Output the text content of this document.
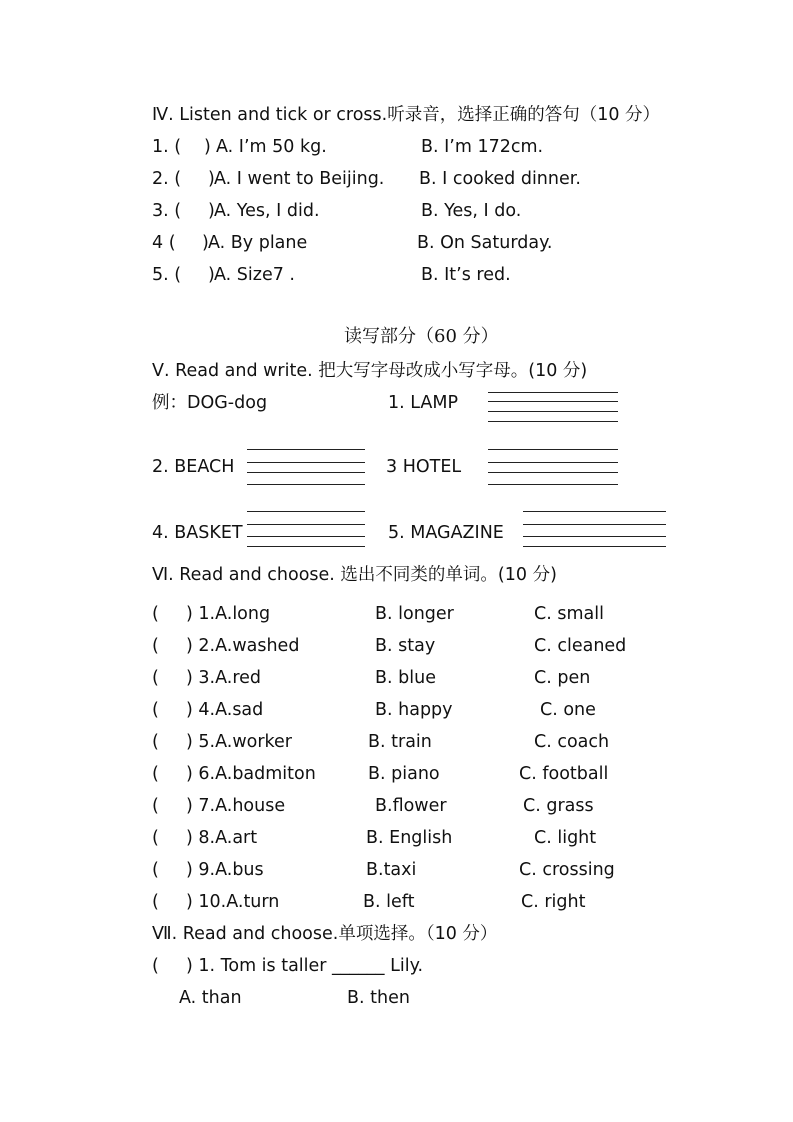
Ⅳ. Listen and tick or cross.听录音，选择正确的答句（10 分）
1. ( ) A. I’m 50 kg.	B. I’m 172cm.
2. ( ) A. I went to Beijing. B. I cooked dinner.
3. ( ) A. Yes, I did.	B. Yes, I do.
4 ( ) A. By plane	B. On Saturday.
5. ( ) A. Size7 .	B. It’s red.
读写部分（60 分）
Ⅴ. Read and write. 把大写字母改成小写字母。(10 分)
例：DOG-dog	1. LAMP
2. BEACH	3 HOTEL
4. BASKET	5. MAGAZINE
Ⅵ. Read and choose. 选出不同类的单词。(10 分)
( ) 1.A.long	B. longer	C. small
( ) 2.A.washed	B. stay	C. cleaned
( ) 3.A.red	B. blue	C. pen
( ) 4.A.sad	B. happy	C. one
( ) 5.A.worker	B. train	C. coach
( ) 6.A.badmiton	B. piano	C. football
( ) 7.A.house	B.flower	C. grass
( ) 8.A.art	B. English	C. light
( ) 9.A.bus	B.taxi	C. crossing
( ) 10.A.turn	B. left	C. right
Ⅶ. Read and choose.单项选择。（10 分）
( ) 1. Tom is taller ______ Lily.
A. than	B. then
